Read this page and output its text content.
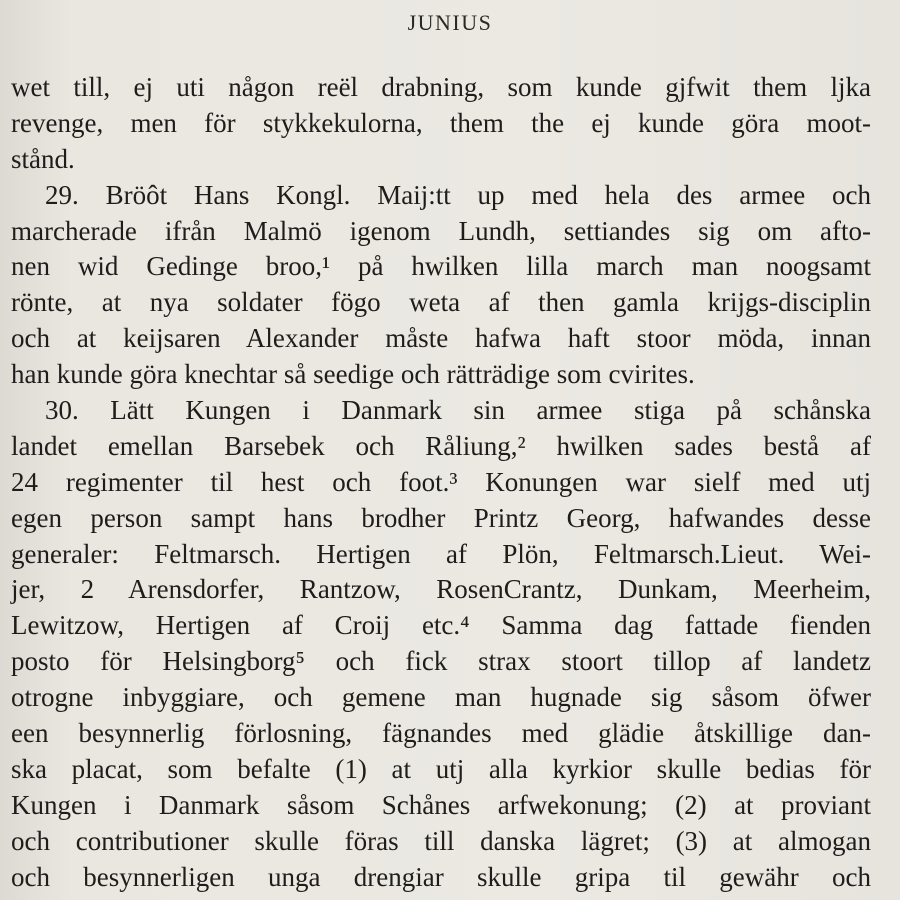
JUNIUS
wet till, ej uti någon reël drabning, som kunde gjfwit them ljka
revenge, men för stykkekulorna, them the ej kunde göra moot-
stånd.
29. Bröôt Hans Kongl. Maij:tt up med hela des armee och
marcherade ifrån Malmö igenom Lundh, settiandes sig om afto-
nen wid Gedinge broo,¹ på hwilken lilla march man noogsamt
rönte, at nya soldater fögo weta af then gamla krijgs-disciplin
och at keijsaren Alexander måste hafwa haft stoor möda, innan
han kunde göra knechtar så seedige och rätträdige som cvirites.
30. Lätt Kungen i Danmark sin armee stiga på schånska
landet emellan Barsebek och Råliung,² hwilken sades bestå af
24 regimenter til hest och foot.³ Konungen war sielf med utj
egen person sampt hans brodher Printz Georg, hafwandes desse
generaler: Feltmarsch. Hertigen af Plön, Feltmarsch.Lieut. Wei-
jer, 2 Arensdorfer, Rantzow, RosenCrantz, Dunkam, Meerheim,
Lewitzow, Hertigen af Croij etc.⁴ Samma dag fattade fienden
posto för Helsingborg⁵ och fick strax stoort tillop af landetz
otrogne inbyggiare, och gemene man hugnade sig såsom öfwer
een besynnerlig förlosning, fägnandes med glädie åtskillige dan-
ska placat, som befalte (1) at utj alla kyrkior skulle bedias för
Kungen i Danmark såsom Schånes arfwekonung; (2) at proviant
och contributioner skulle föras till danska lägret; (3) at almogan
och besynnerligen unga drengiar skulle gripa til gewähr och
